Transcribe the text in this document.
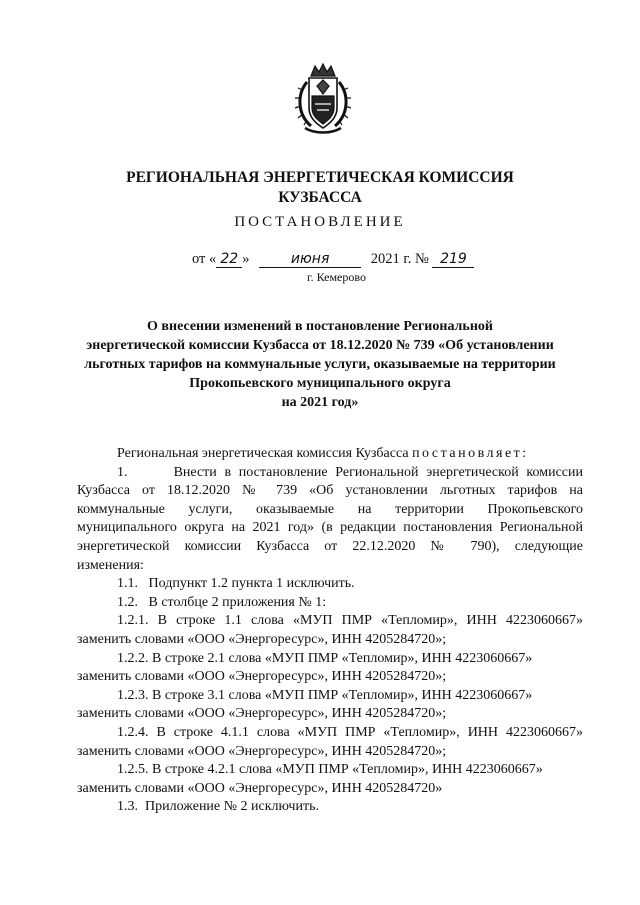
РЕГИОНАЛЬНАЯ ЭНЕРГЕТИЧЕСКАЯ КОМИССИЯ
КУЗБАССА
ПОСТАНОВЛЕНИЕ
от « 22 »	июня	2021 г. № 219
г. Кемерово
О внесении изменений в постановление Региональной
энергетической комиссии Кузбасса от 18.12.2020 № 739 «Об установлении
льготных тарифов на коммунальные услуги, оказываемые на территории
Прокопьевского муниципального округа
на 2021 год»

Региональная энергетическая комиссия Кузбасса постановляет:

1.      Внести в постановление Региональной энергетической комиссии

Кузбасса от 18.12.2020 № 739 «Об установлении льготных тарифов на

коммунальные услуги, оказываемые на территории Прокопьевского

муниципального округа на 2021 год» (в редакции постановления Региональной

энергетической комиссии Кузбасса от 22.12.2020 № 790), следующие

изменения:

1.1.   Подпункт 1.2 пункта 1 исключить.

1.2.   В столбце 2 приложения № 1:

1.2.1. В строке 1.1 слова «МУП ПМР «Тепломир», ИНН 4223060667»

заменить словами «ООО «Энергоресурс», ИНН 4205284720»;

1.2.2. В строке 2.1 слова «МУП ПМР «Тепломир», ИНН 4223060667»

заменить словами «ООО «Энергоресурс», ИНН 4205284720»;

1.2.3. В строке 3.1 слова «МУП ПМР «Тепломир», ИНН 4223060667»

заменить словами «ООО «Энергоресурс», ИНН 4205284720»;

1.2.4. В строке 4.1.1 слова «МУП ПМР «Тепломир», ИНН 4223060667»

заменить словами «ООО «Энергоресурс», ИНН 4205284720»;

1.2.5. В строке 4.2.1 слова «МУП ПМР «Тепломир», ИНН 4223060667»

заменить словами «ООО «Энергоресурс», ИНН 4205284720»

1.3.  Приложение № 2 исключить.
